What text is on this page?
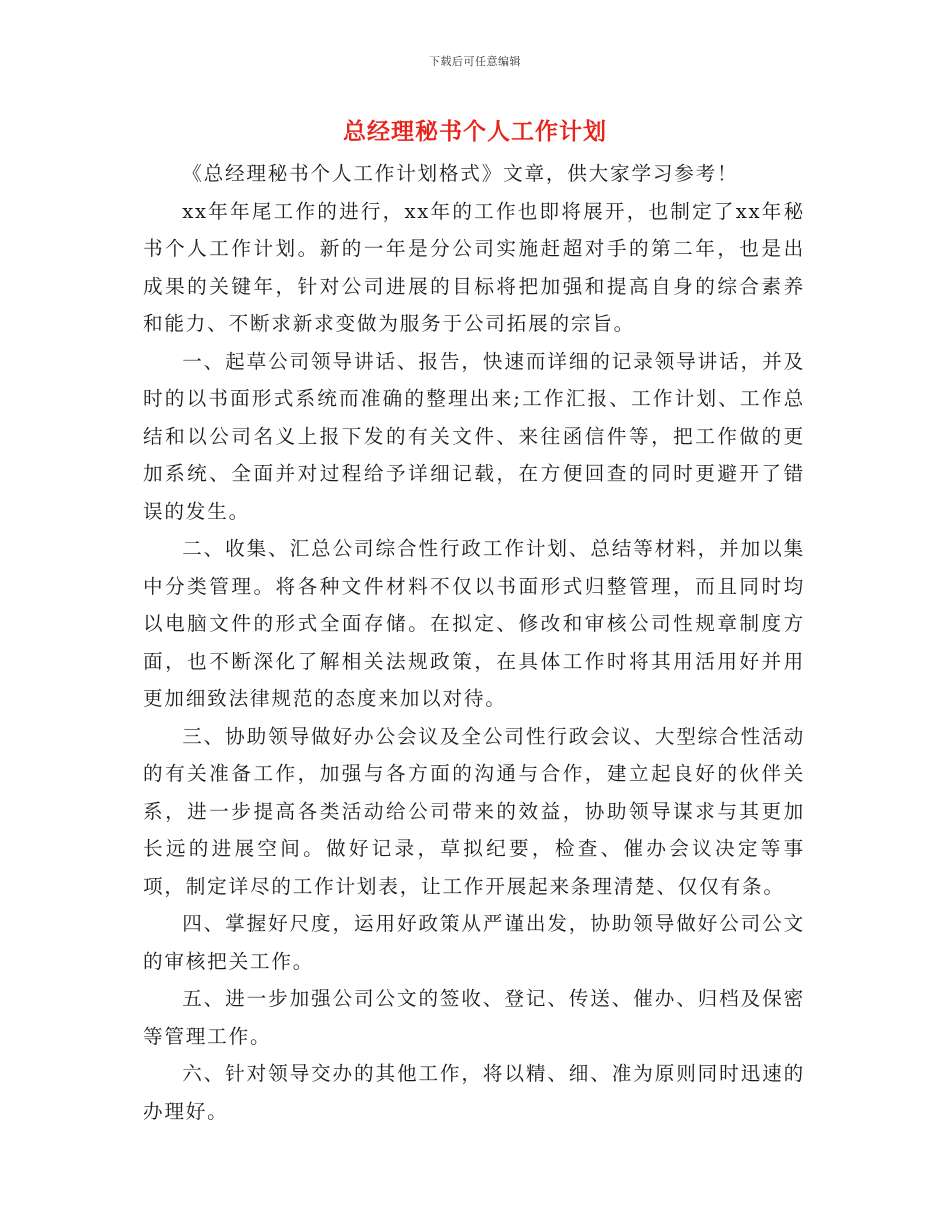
下载后可任意编辑
总经理秘书个人工作计划

《总经理秘书个人工作计划格式》文章，供大家学习参考！

xx年年尾工作的进行，xx年的工作也即将展开，也制定了xx年秘书个人工作计划。新的一年是分公司实施赶超对手的第二年，也是出成果的关键年，针对公司进展的目标将把加强和提高自身的综合素养和能力、不断求新求变做为服务于公司拓展的宗旨。

一、起草公司领导讲话、报告，快速而详细的记录领导讲话，并及时的以书面形式系统而准确的整理出来;工作汇报、工作计划、工作总结和以公司名义上报下发的有关文件、来往函信件等，把工作做的更加系统、全面并对过程给予详细记载，在方便回查的同时更避开了错误的发生。

二、收集、汇总公司综合性行政工作计划、总结等材料，并加以集中分类管理。将各种文件材料不仅以书面形式归整管理，而且同时均以电脑文件的形式全面存储。在拟定、修改和审核公司性规章制度方面，也不断深化了解相关法规政策，在具体工作时将其用活用好并用更加细致法律规范的态度来加以对待。

三、协助领导做好办公会议及全公司性行政会议、大型综合性活动的有关准备工作，加强与各方面的沟通与合作，建立起良好的伙伴关系，进一步提高各类活动给公司带来的效益，协助领导谋求与其更加长远的进展空间。做好记录，草拟纪要，检查、催办会议决定等事项，制定详尽的工作计划表，让工作开展起来条理清楚、仅仅有条。

四、掌握好尺度，运用好政策从严谨出发，协助领导做好公司公文的审核把关工作。

五、进一步加强公司公文的签收、登记、传送、催办、归档及保密等管理工作。

六、针对领导交办的其他工作，将以精、细、准为原则同时迅速的办理好。
